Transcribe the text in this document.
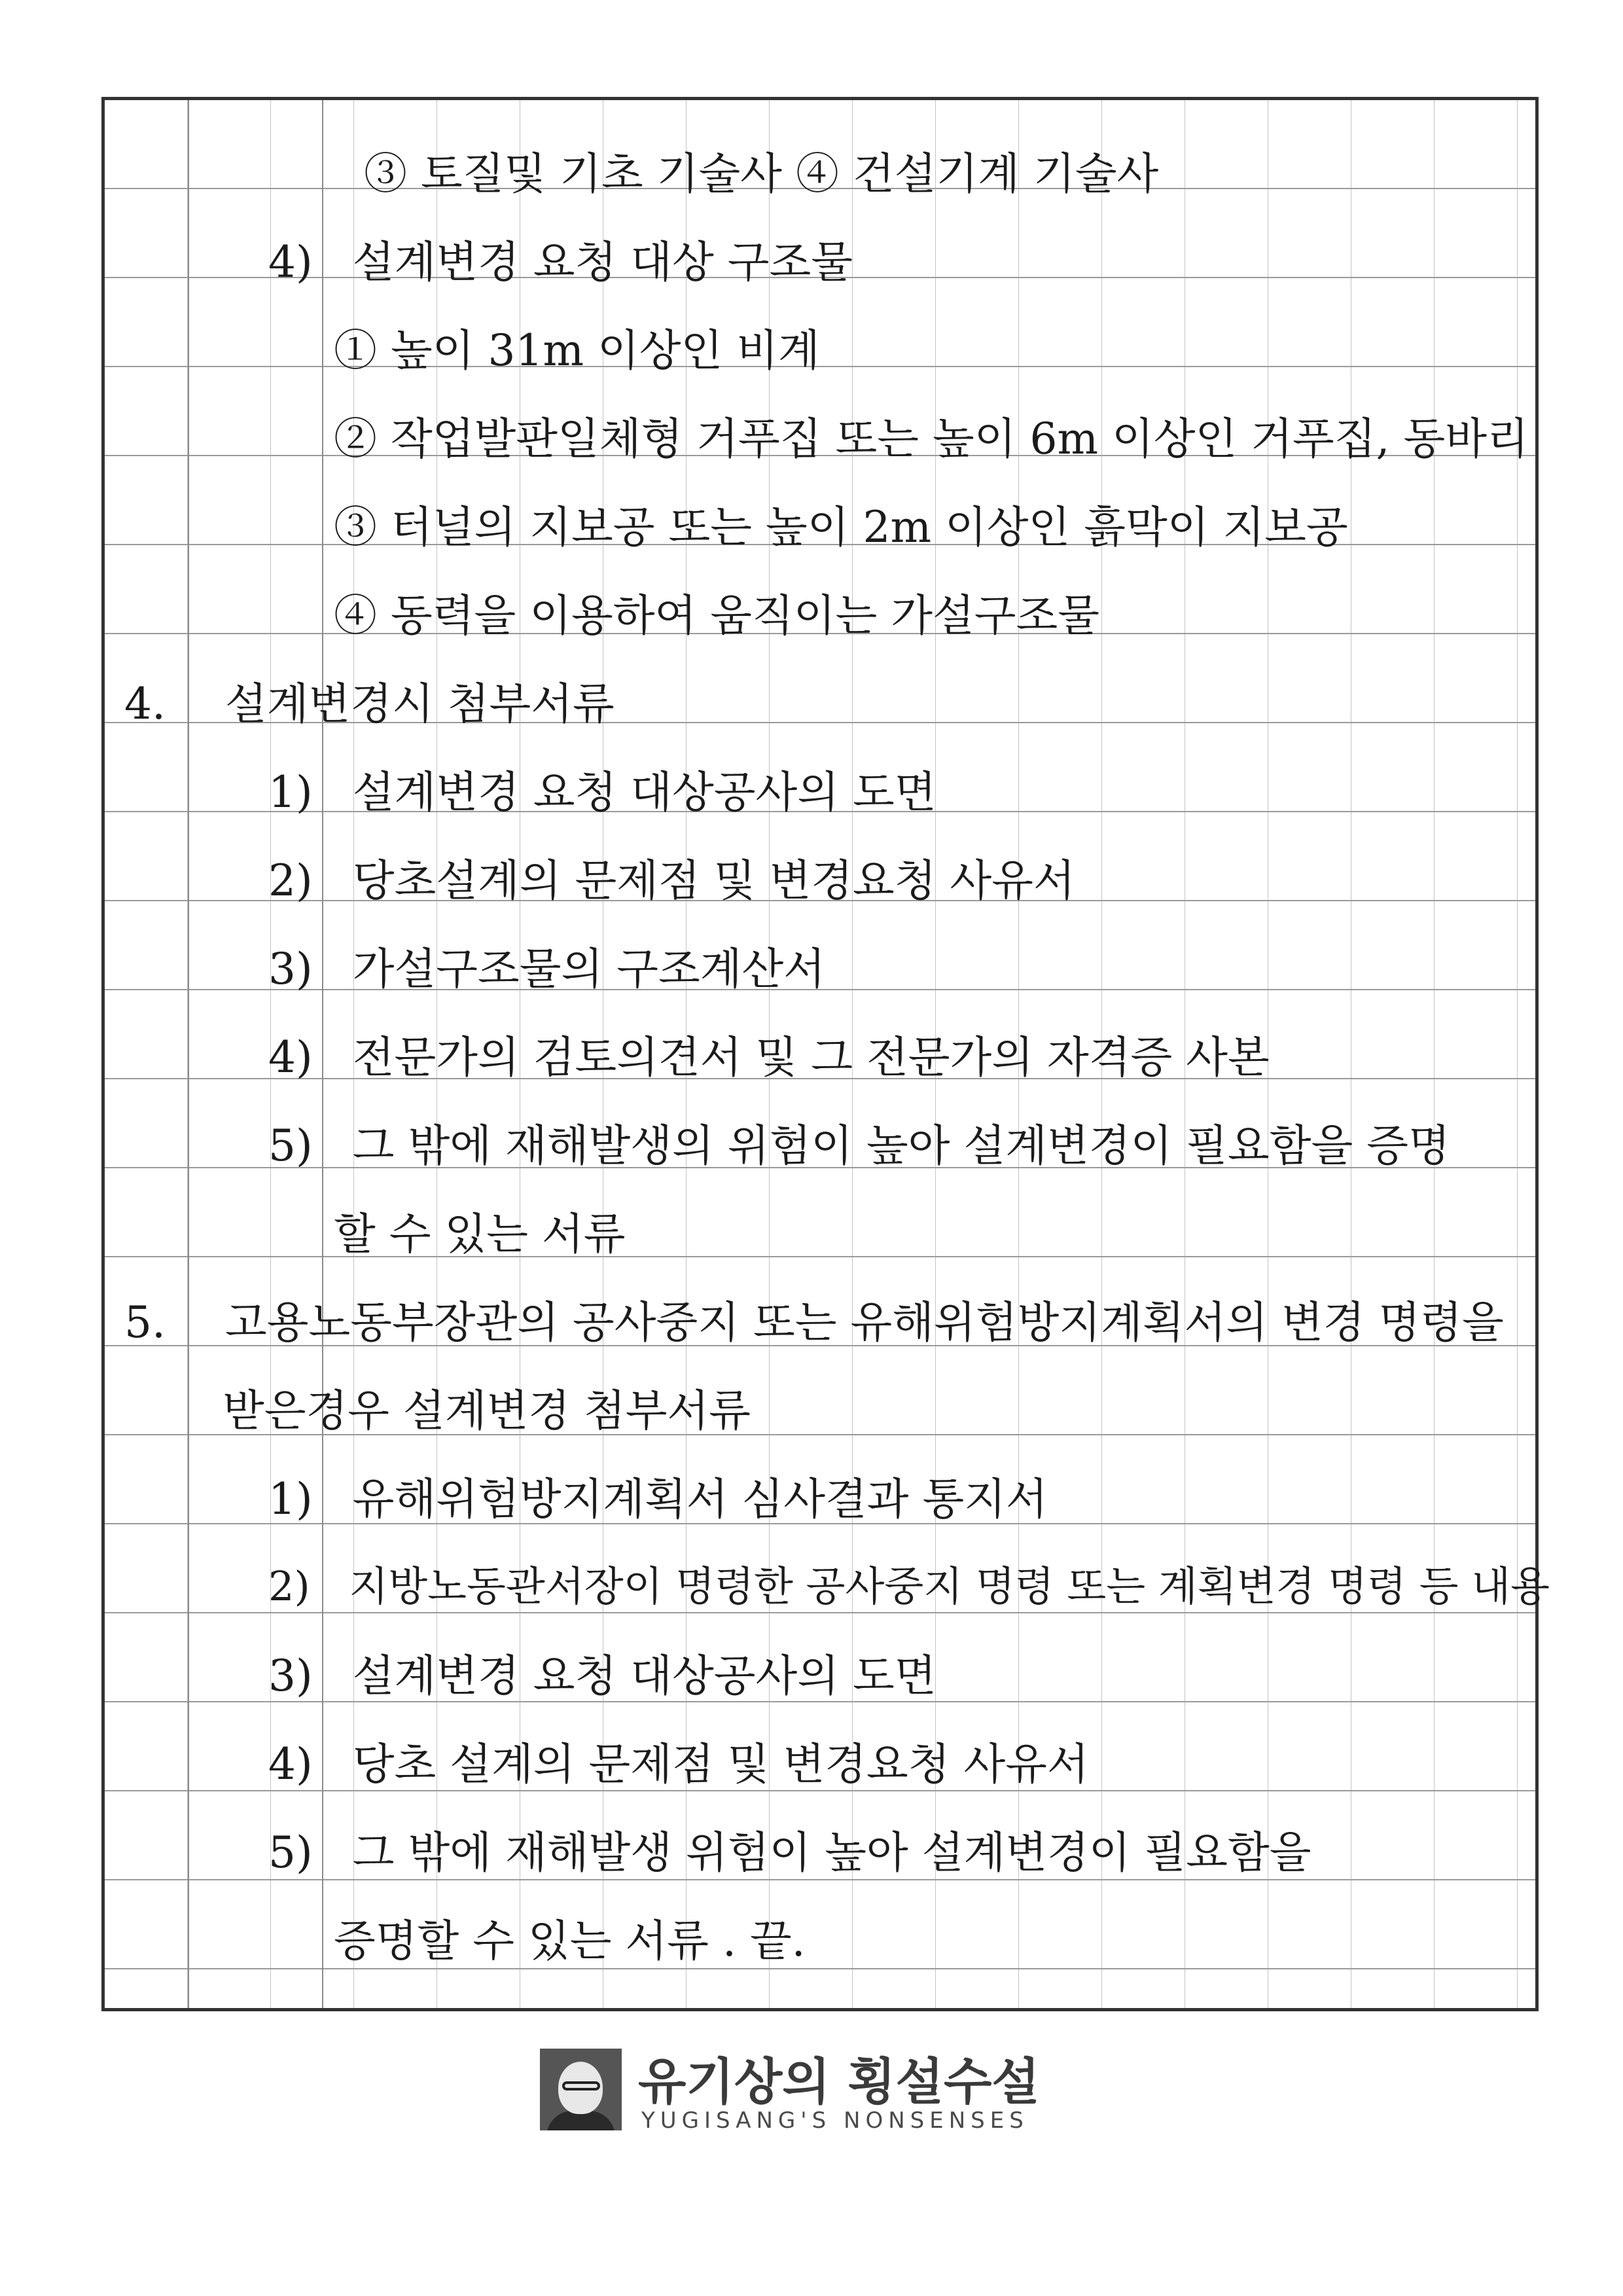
③ 토질및 기초 기술사 ④ 건설기계 기술사
4) 설계변경 요청 대상 구조물
① 높이 31m 이상인 비계
② 작업발판일체형 거푸집 또는 높이 6m 이상인 거푸집, 동바리
③ 터널의 지보공 또는 높이 2m 이상인 흙막이 지보공
④ 동력을 이용하여 움직이는 가설구조물
4. 설계변경시 첨부서류
1) 설계변경 요청 대상공사의 도면
2) 당초설계의 문제점 및 변경요청 사유서
3) 가설구조물의 구조계산서
4) 전문가의 검토의견서 및 그 전문가의 자격증 사본
5) 그 밖에 재해발생의 위험이 높아 설계변경이 필요함을 증명
할 수 있는 서류
5. 고용노동부장관의 공사중지 또는 유해위험방지계획서의 변경 명령을
받은경우 설계변경 첨부서류
1) 유해위험방지계획서 심사결과 통지서
2) 지방노동관서장이 명령한 공사중지 명령 또는 계획변경 명령 등 내용
3) 설계변경 요청 대상공사의 도면
4) 당초 설계의 문제점 및 변경요청 사유서
5) 그 밖에 재해발생 위험이 높아 설계변경이 필요함을
증명할 수 있는 서류 . 끝.
유기상의 횡설수설
YUGISANG'S NONSENSES
